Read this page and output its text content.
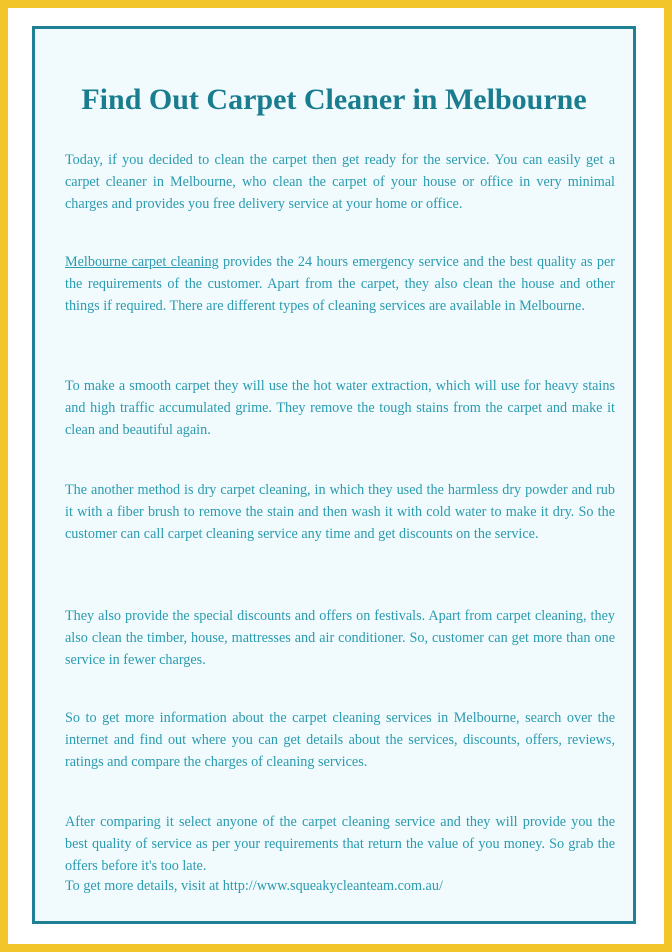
Find Out Carpet Cleaner in Melbourne

Today, if you decided to clean the carpet then get ready for the service. You can easily get a carpet cleaner in Melbourne, who clean the carpet of your house or office in very minimal charges and provides you free delivery service at your home or office.

Melbourne carpet cleaning provides the 24 hours emergency service and the best quality as per the requirements of the customer. Apart from the carpet, they also clean the house and other things if required. There are different types of cleaning services are available in Melbourne.

To make a smooth carpet they will use the hot water extraction, which will use for heavy stains and high traffic accumulated grime. They remove the tough stains from the carpet and make it clean and beautiful again.

The another method is dry carpet cleaning, in which they used the harmless dry powder and rub it with a fiber brush to remove the stain and then wash it with cold water to make it dry. So the customer can call carpet cleaning service any time and get discounts on the service.

They also provide the special discounts and offers on festivals. Apart from carpet cleaning, they also clean the timber, house, mattresses and air conditioner. So, customer can get more than one service in fewer charges.

So to get more information about the carpet cleaning services in Melbourne, search over the internet and find out where you can get details about the services, discounts, offers, reviews, ratings and compare the charges of cleaning services.

After comparing it select anyone of the carpet cleaning service and they will provide you the best quality of service as per your requirements that return the value of you money. So grab the offers before it's too late.

To get more details, visit at http://www.squeakycleanteam.com.au/
